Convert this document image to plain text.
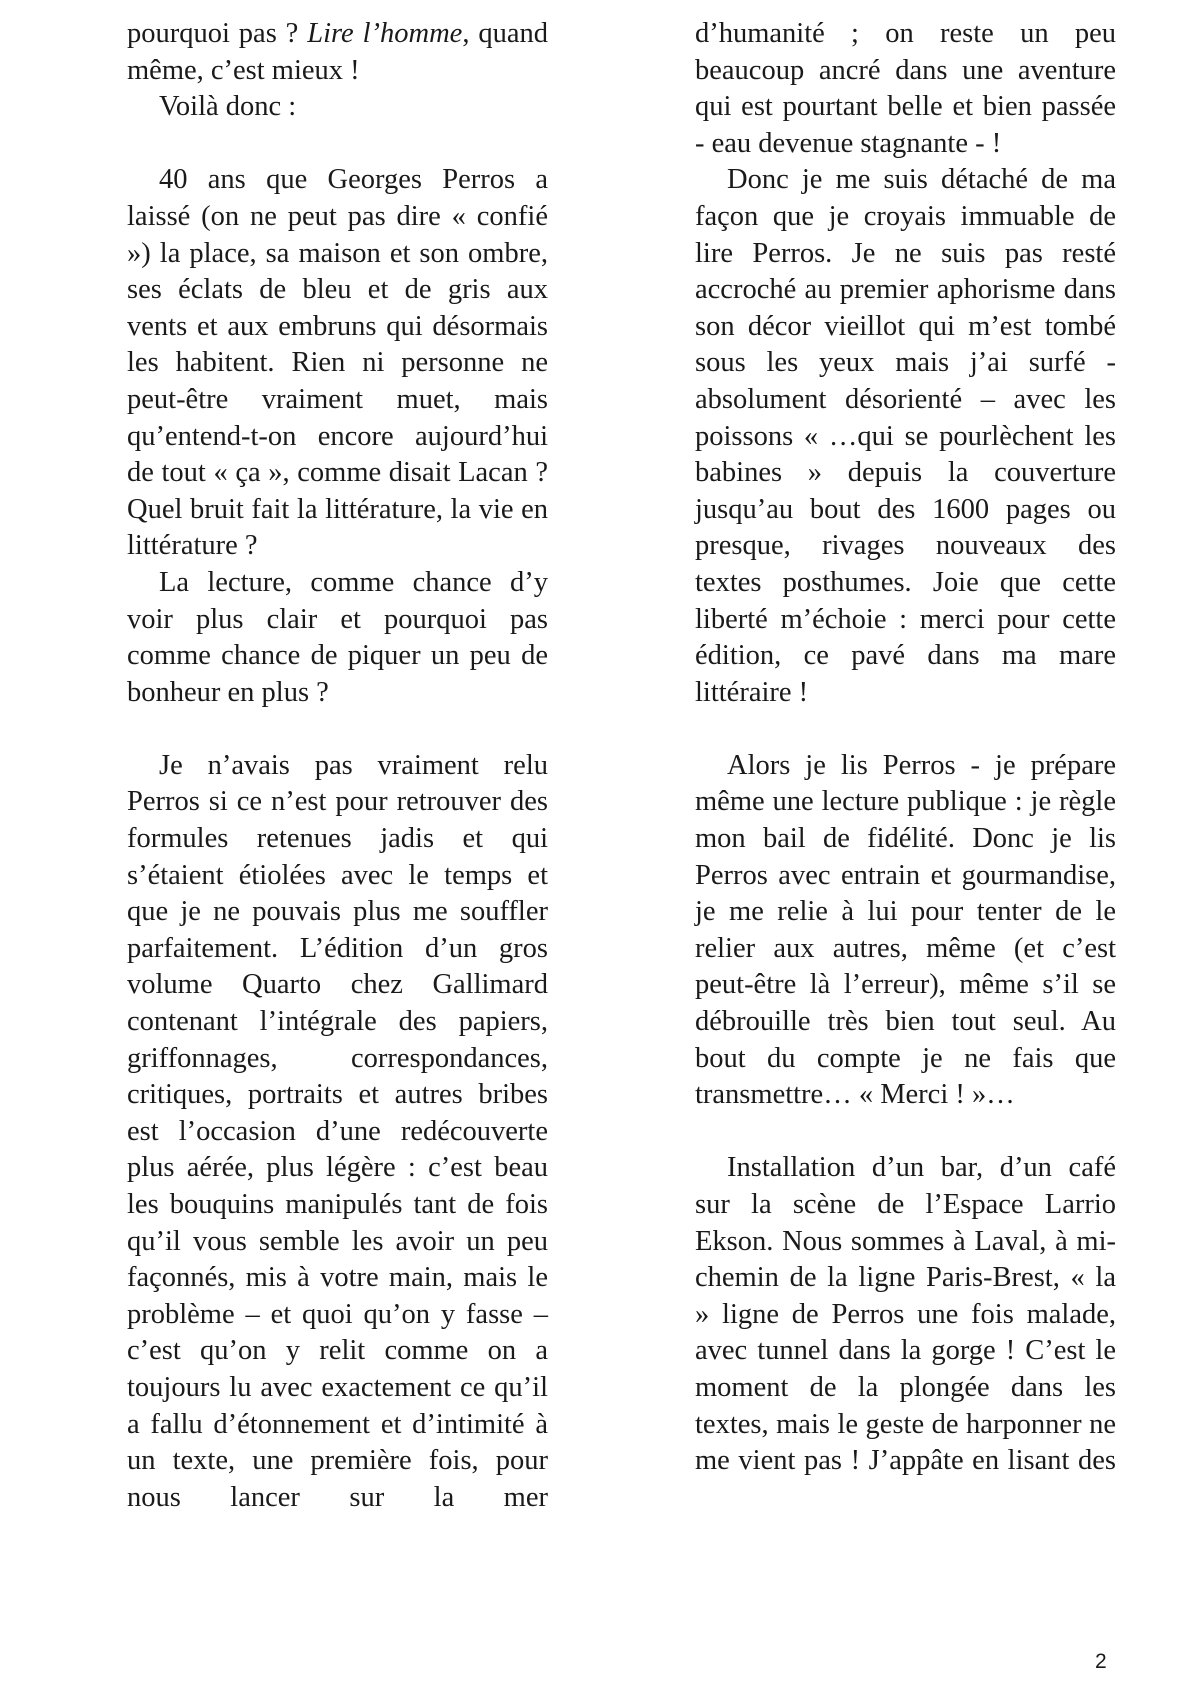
pourquoi pas ? Lire l’homme, quand même, c’est mieux !

Voilà donc :

40 ans que Georges Perros a laissé (on ne peut pas dire « confié ») la place, sa maison et son ombre, ses éclats de bleu et de gris aux vents et aux embruns qui désormais les habitent. Rien ni personne ne peut-être vraiment muet, mais qu’entend-t-on encore aujourd’hui de tout « ça », comme disait Lacan ? Quel bruit fait la littérature, la vie en littérature ?

La lecture, comme chance d’y voir plus clair et pourquoi pas comme chance de piquer un peu de bonheur en plus ?

Je n’avais pas vraiment relu Perros si ce n’est pour retrouver des formules retenues jadis et qui s’étaient étiolées avec le temps et que je ne pouvais plus me souffler parfaitement. L’édition d’un gros volume Quarto chez Gallimard contenant l’intégrale des papiers, griffonnages, correspondances, critiques, portraits et autres bribes est l’occasion d’une redécouverte plus aérée, plus légère : c’est beau les bouquins manipulés tant de fois qu’il vous semble les avoir un peu façonnés, mis à votre main, mais le problème – et quoi qu’on y fasse – c’est qu’on y relit comme on a toujours lu avec exactement ce qu’il a fallu d’étonnement et d’intimité à un texte, une première fois, pour nous lancer sur la mer

d’humanité ; on reste un peu beaucoup ancré dans une aventure qui est pourtant belle et bien passée - eau devenue stagnante - !

Donc je me suis détaché de ma façon que je croyais immuable de lire Perros. Je ne suis pas resté accroché au premier aphorisme dans son décor vieillot qui m’est tombé sous les yeux mais j’ai surfé - absolument désorienté – avec les poissons « …qui se pourlèchent les babines » depuis la couverture jusqu’au bout des 1600 pages ou presque, rivages nouveaux des textes posthumes. Joie que cette liberté m’échoie : merci pour cette édition, ce pavé dans ma mare littéraire !

Alors je lis Perros - je prépare même une lecture publique : je règle mon bail de fidélité. Donc je lis Perros avec entrain et gourmandise, je me relie à lui pour tenter de le relier aux autres, même (et c’est peut-être là l’erreur), même s’il se débrouille très bien tout seul. Au bout du compte je ne fais que transmettre… « Merci ! »…

Installation d’un bar, d’un café sur la scène de l’Espace Larrio Ekson. Nous sommes à Laval, à mi-chemin de la ligne Paris-Brest, « la » ligne de Perros une fois malade, avec tunnel dans la gorge ! C’est le moment de la plongée dans les textes, mais le geste de harponner ne me vient pas ! J’appâte en lisant des

2
